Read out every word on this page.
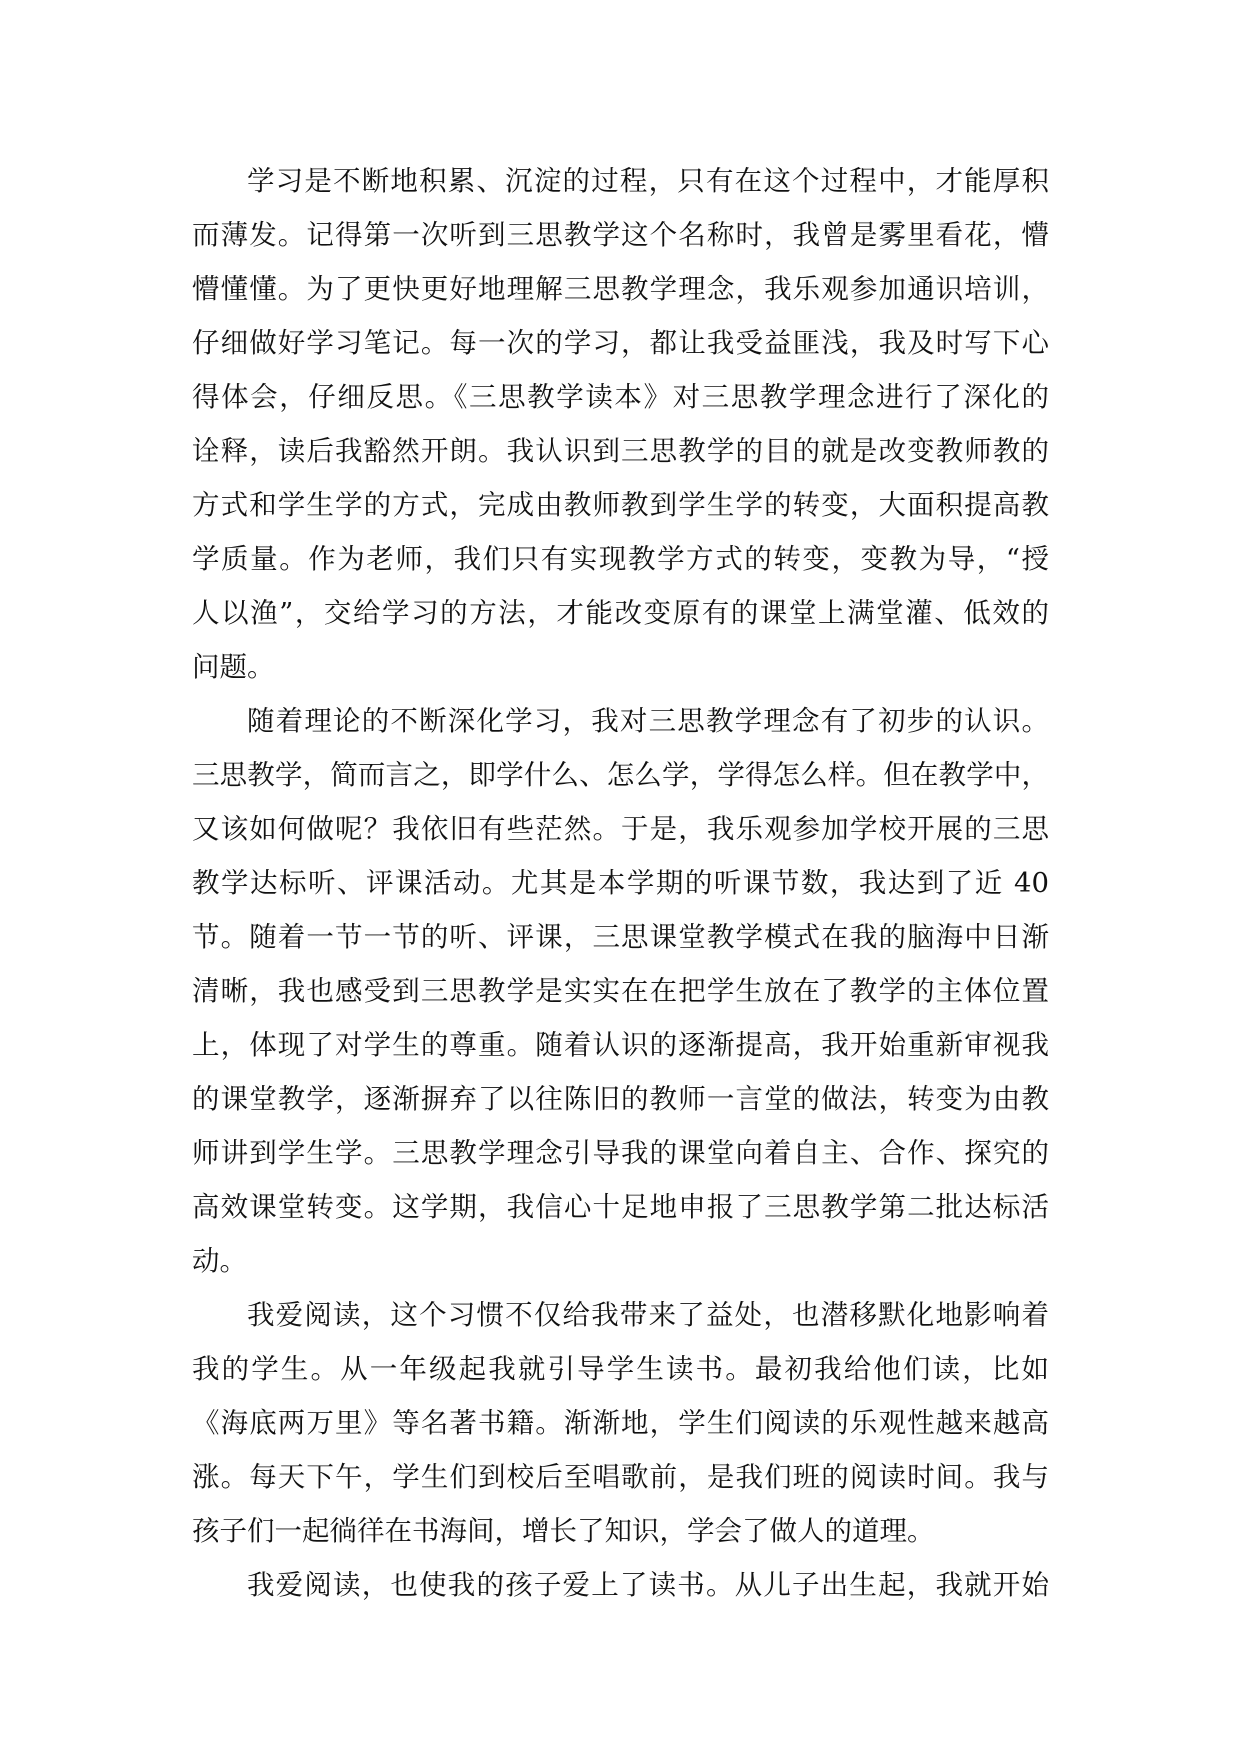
学习是不断地积累、沉淀的过程，只有在这个过程中，才能厚积
而薄发。记得第一次听到三思教学这个名称时，我曾是雾里看花，懵
懵懂懂。为了更快更好地理解三思教学理念，我乐观参加通识培训，
仔细做好学习笔记。每一次的学习，都让我受益匪浅，我及时写下心
得体会，仔细反思。《三思教学读本》对三思教学理念进行了深化的
诠释，读后我豁然开朗。我认识到三思教学的目的就是改变教师教的
方式和学生学的方式，完成由教师教到学生学的转变，大面积提高教
学质量。作为老师，我们只有实现教学方式的转变，变教为导，“授
人以渔”，交给学习的方法，才能改变原有的课堂上满堂灌、低效的
问题。
随着理论的不断深化学习，我对三思教学理念有了初步的认识。
三思教学，简而言之，即学什么、怎么学，学得怎么样。但在教学中，
又该如何做呢？我依旧有些茫然。于是，我乐观参加学校开展的三思
教学达标听、评课活动。尤其是本学期的听课节数，我达到了近 40
节。随着一节一节的听、评课，三思课堂教学模式在我的脑海中日渐
清晰，我也感受到三思教学是实实在在把学生放在了教学的主体位置
上，体现了对学生的尊重。随着认识的逐渐提高，我开始重新审视我
的课堂教学，逐渐摒弃了以往陈旧的教师一言堂的做法，转变为由教
师讲到学生学。三思教学理念引导我的课堂向着自主、合作、探究的
高效课堂转变。这学期，我信心十足地申报了三思教学第二批达标活
动。
我爱阅读，这个习惯不仅给我带来了益处，也潜移默化地影响着
我的学生。从一年级起我就引导学生读书。最初我给他们读，比如
《海底两万里》等名著书籍。渐渐地，学生们阅读的乐观性越来越高
涨。每天下午，学生们到校后至唱歌前，是我们班的阅读时间。我与
孩子们一起徜徉在书海间，增长了知识，学会了做人的道理。
我爱阅读，也使我的孩子爱上了读书。从儿子出生起，我就开始
